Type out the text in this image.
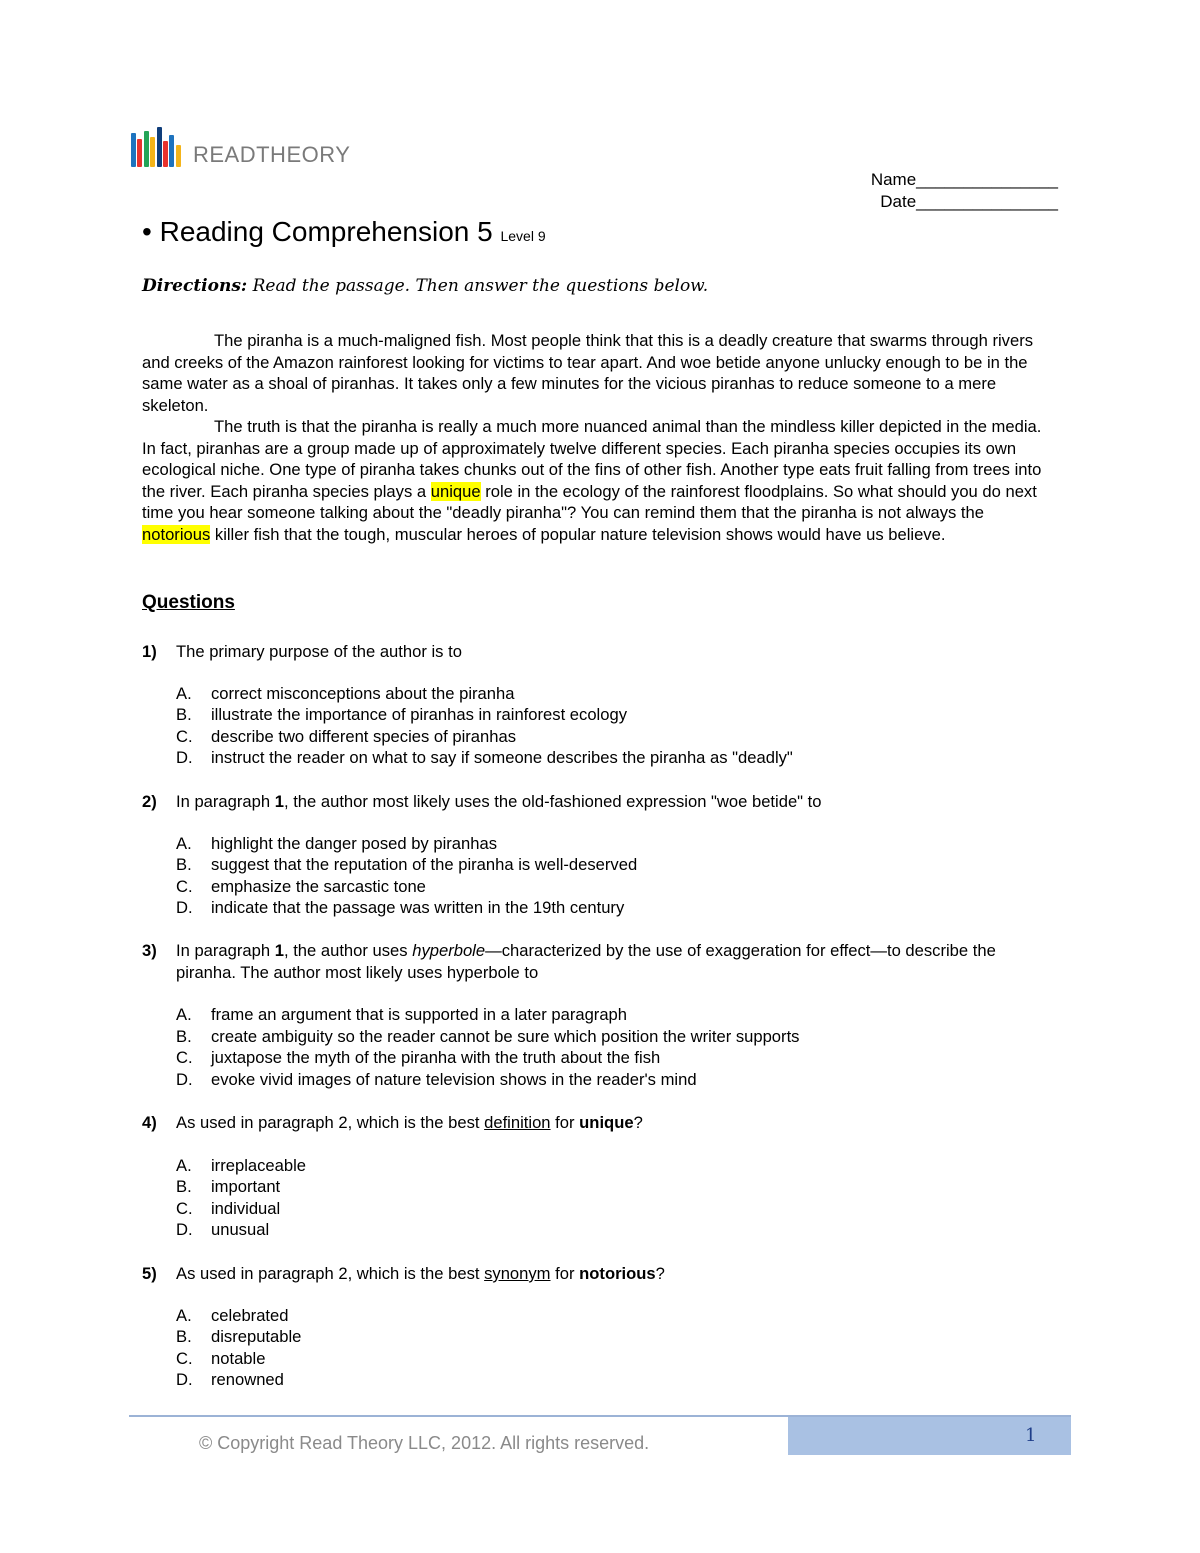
READTHEORY
Name_______________
Date_______________
• Reading Comprehension 5 Level 9
Directions: Read the passage. Then answer the questions below.

The piranha is a much-maligned fish. Most people think that this is a deadly creature that swarms through rivers and creeks of the Amazon rainforest looking for victims to tear apart. And woe betide anyone unlucky enough to be in the same water as a shoal of piranhas. It takes only a few minutes for the vicious piranhas to reduce someone to a mere skeleton.

The truth is that the piranha is really a much more nuanced animal than the mindless killer depicted in the media. In fact, piranhas are a group made up of approximately twelve different species. Each piranha species occupies its own ecological niche. One type of piranha takes chunks out of the fins of other fish. Another type eats fruit falling from trees into the river. Each piranha species plays a unique role in the ecology of the rainforest floodplains. So what should you do next time you hear someone talking about the "deadly piranha"? You can remind them that the piranha is not always the notorious killer fish that the tough, muscular heroes of popular nature television shows would have us believe.

Questions
1) The primary purpose of the author is to
A. correct misconceptions about the piranha
B. illustrate the importance of piranhas in rainforest ecology
C. describe two different species of piranhas
D. instruct the reader on what to say if someone describes the piranha as "deadly"
2) In paragraph 1, the author most likely uses the old-fashioned expression "woe betide" to
A. highlight the danger posed by piranhas
B. suggest that the reputation of the piranha is well-deserved
C. emphasize the sarcastic tone
D. indicate that the passage was written in the 19th century
3) In paragraph 1, the author uses hyperbole—characterized by the use of exaggeration for effect—to describe the piranha. The author most likely uses hyperbole to
A. frame an argument that is supported in a later paragraph
B. create ambiguity so the reader cannot be sure which position the writer supports
C. juxtapose the myth of the piranha with the truth about the fish
D. evoke vivid images of nature television shows in the reader's mind
4) As used in paragraph 2, which is the best definition for unique?
A. irreplaceable
B. important
C. individual
D. unusual
5) As used in paragraph 2, which is the best synonym for notorious?
A. celebrated
B. disreputable
C. notable
D. renowned
© Copyright Read Theory LLC, 2012. All rights reserved.	1
